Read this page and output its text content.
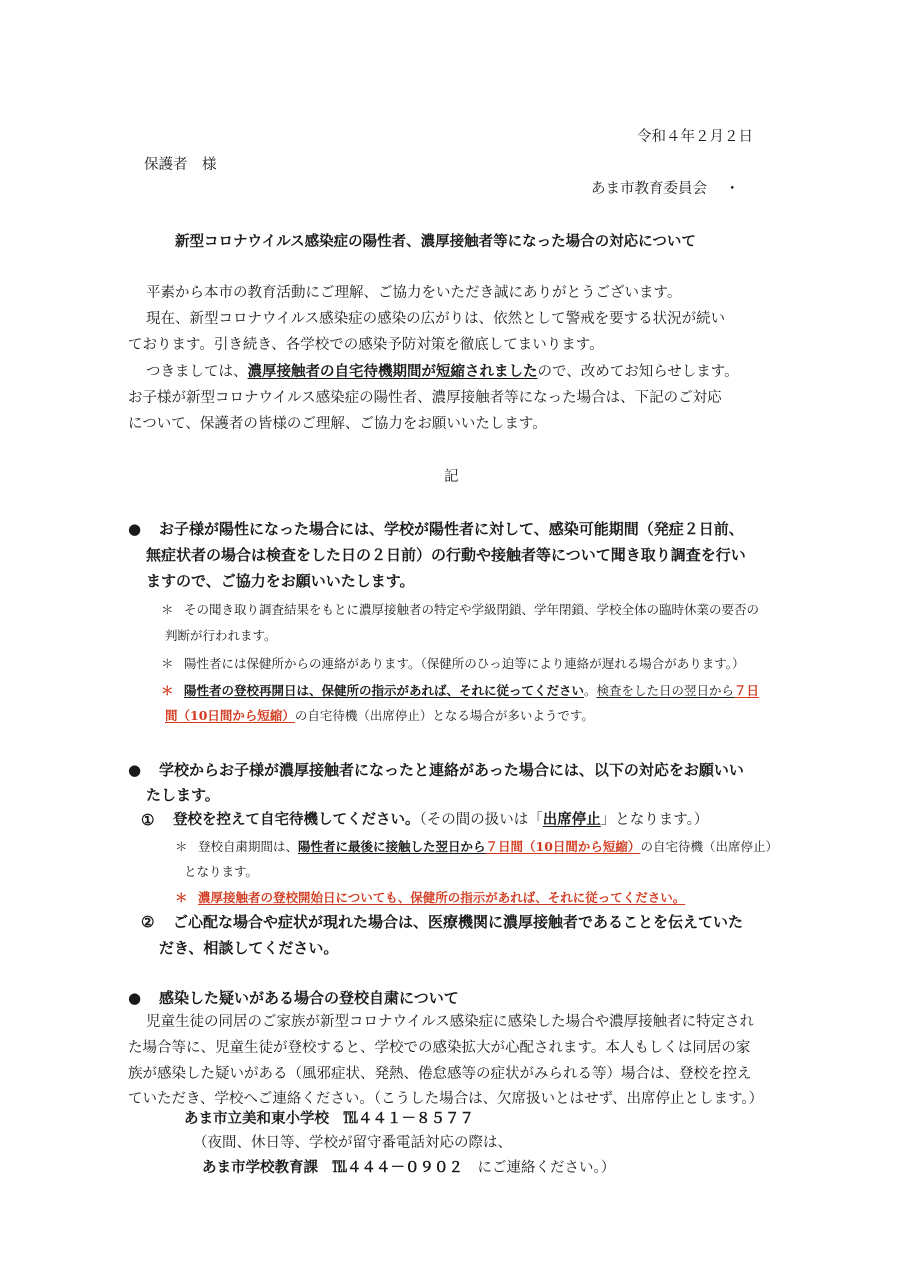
令和４年２月２日
保護者　様
あま市教育委員会 ・
新型コロナウイルス感染症の陽性者、濃厚接触者等になった場合の対応について
平素から本市の教育活動にご理解、ご協力をいただき誠にありがとうございます。
現在、新型コロナウイルス感染症の感染の広がりは、依然として警戒を要する状況が続い
ております。引き続き、各学校での感染予防対策を徹底してまいります。
つきましては、濃厚接触者の自宅待機期間が短縮されましたので、改めてお知らせします。
お子様が新型コロナウイルス感染症の陽性者、濃厚接触者等になった場合は、下記のご対応
について、保護者の皆様のご理解、ご協力をお願いいたします。
記
● お子様が陽性になった場合には、学校が陽性者に対して、感染可能期間（発症２日前、
無症状者の場合は検査をした日の２日前）の行動や接触者等について聞き取り調査を行い
ますので、ご協力をお願いいたします。
＊ その聞き取り調査結果をもとに濃厚接触者の特定や学級閉鎖、学年閉鎖、学校全体の臨時休業の要否の
判断が行われます。
＊ 陽性者には保健所からの連絡があります。（保健所のひっ迫等により連絡が遅れる場合があります。）
＊ 陽性者の登校再開日は、保健所の指示があれば、それに従ってください。検査をした日の翌日から７日
間（10日間から短縮）の自宅待機（出席停止）となる場合が多いようです。
● 学校からお子様が濃厚接触者になったと連絡があった場合には、以下の対応をお願いい
たします。
① 登校を控えて自宅待機してください。（その間の扱いは「出席停止」となります。）
＊ 登校自粛期間は、陽性者に最後に接触した翌日から７日間（10日間から短縮）の自宅待機（出席停止）
となります。
＊ 濃厚接触者の登校開始日についても、保健所の指示があれば、それに従ってください。
② ご心配な場合や症状が現れた場合は、医療機関に濃厚接触者であることを伝えていた
だき、相談してください。
● 感染した疑いがある場合の登校自粛について
児童生徒の同居のご家族が新型コロナウイルス感染症に感染した場合や濃厚接触者に特定され
た場合等に、児童生徒が登校すると、学校での感染拡大が心配されます。本人もしくは同居の家
族が感染した疑いがある（風邪症状、発熱、倦怠感等の症状がみられる等）場合は、登校を控え
ていただき、学校へご連絡ください。（こうした場合は、欠席扱いとはせず、出席停止とします。）
あま市立美和東小学校　℡４４１－８５７７
（夜間、休日等、学校が留守番電話対応の際は、
あま市学校教育課　℡４４４－０９０２　にご連絡ください。）
